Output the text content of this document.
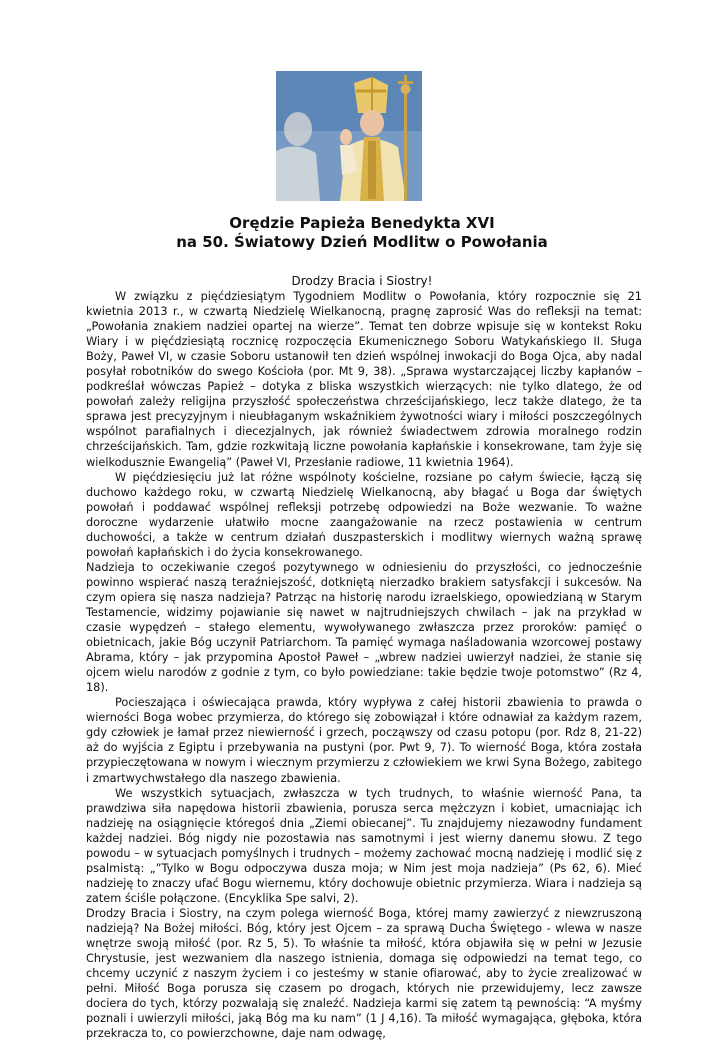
Orędzie Papieża Benedykta XVI
na 50. Światowy Dzień Modlitw o Powołania
Drodzy Bracia i Siostry!

W związku z pięćdziesiątym Tygodniem Modlitw o Powołania, który rozpocznie się 21 kwietnia 2013 r., w czwartą Niedzielę Wielkanocną, pragnę zaprosić Was do refleksji na temat: „Powołania znakiem nadziei opartej na wierze”. Temat ten dobrze wpisuje się w kontekst Roku Wiary i w pięćdziesiątą rocznicę rozpoczęcia Ekumenicznego Soboru Watykańskiego II. Sługa Boży, Paweł VI, w czasie Soboru ustanowił ten dzień wspólnej inwokacji do Boga Ojca, aby nadal posyłał robotników do swego Kościoła (por. Mt 9, 38). „Sprawa wystarczającej liczby kapłanów – podkreślał wówczas Papież – dotyka z bliska wszystkich wierzących: nie tylko dlatego, że od powołań zależy religijna przyszłość społeczeństwa chrześcijańskiego, lecz także dlatego, że ta sprawa jest precyzyjnym i nieubłaganym wskaźnikiem żywotności wiary i miłości poszczególnych wspólnot parafialnych i diecezjalnych, jak również świadectwem zdrowia moralnego rodzin chrześcijańskich. Tam, gdzie rozkwitają liczne powołania kapłańskie i konsekrowane, tam żyje się wielkodusznie Ewangelią” (Paweł VI, Przesłanie radiowe, 11 kwietnia 1964).

W pięćdziesięciu już lat różne wspólnoty kościelne, rozsiane po całym świecie, łączą się duchowo każdego roku, w czwartą Niedzielę Wielkanocną, aby błagać u Boga dar świętych powołań i poddawać wspólnej refleksji potrzebę odpowiedzi na Boże wezwanie. To ważne doroczne wydarzenie ułatwiło mocne zaangażowanie na rzecz postawienia w centrum duchowości, a także w centrum działań duszpasterskich i modlitwy wiernych ważną sprawę powołań kapłańskich i do życia konsekrowanego.

Nadzieja to oczekiwanie czegoś pozytywnego w odniesieniu do przyszłości, co jednocześnie powinno wspierać naszą teraźniejszość, dotkniętą nierzadko brakiem satysfakcji i sukcesów. Na czym opiera się nasza nadzieja? Patrząc na historię narodu izraelskiego, opowiedzianą w Starym Testamencie, widzimy pojawianie się nawet w najtrudniejszych chwilach – jak na przykład w czasie wypędzeń – stałego elementu, wywoływanego zwłaszcza przez proroków: pamięć o obietnicach, jakie Bóg uczynił Patriarchom. Ta pamięć wymaga naśladowania wzorcowej postawy Abrama, który – jak przypomina Apostoł Paweł – „wbrew nadziei uwierzył nadziei, że stanie się ojcem wielu narodów z godnie z tym, co było powiedziane: takie będzie twoje potomstwo” (Rz 4, 18).

Pocieszająca i oświecająca prawda, który wypływa z całej historii zbawienia to prawda o wierności Boga wobec przymierza, do którego się zobowiązał i które odnawiał za każdym razem, gdy człowiek je łamał przez niewierność i grzech, począwszy od czasu potopu (por. Rdz 8, 21-22) aż do wyjścia z Egiptu i przebywania na pustyni (por. Pwt 9, 7). To wierność Boga, która została przypieczętowana w nowym i wiecznym przymierzu z człowiekiem we krwi Syna Bożego, zabitego i zmartwychwstałego dla naszego zbawienia.

We wszystkich sytuacjach, zwłaszcza w tych trudnych, to właśnie wierność Pana, ta prawdziwa siła napędowa historii zbawienia, porusza serca mężczyzn i kobiet, umacniając ich nadzieję na osiągnięcie któregoś dnia „Ziemi obiecanej”. Tu znajdujemy niezawodny fundament każdej nadziei. Bóg nigdy nie pozostawia nas samotnymi i jest wierny danemu słowu. Z tego powodu – w sytuacjach pomyślnych i trudnych – możemy zachować mocną nadzieję i modlić się z psalmistą: „”Tylko w Bogu odpoczywa dusza moja; w Nim jest moja nadzieja” (Ps 62, 6). Mieć nadzieję to znaczy ufać Bogu wiernemu, który dochowuje obietnic przymierza. Wiara i nadzieja są zatem ściśle połączone. (Encyklika Spe salvi, 2).

Drodzy Bracia i Siostry, na czym polega wierność Boga, której mamy zawierzyć z niewzruszoną nadzieją? Na Bożej miłości. Bóg, który jest Ojcem – za sprawą Ducha Świętego - wlewa w nasze wnętrze swoją miłość (por. Rz 5, 5). To właśnie ta miłość, która objawiła się w pełni w Jezusie Chrystusie, jest wezwaniem dla naszego istnienia, domaga się odpowiedzi na temat tego, co chcemy uczynić z naszym życiem i co jesteśmy w stanie ofiarować, aby to życie zrealizować w pełni. Miłość Boga porusza się czasem po drogach, których nie przewidujemy, lecz zawsze dociera do tych, którzy pozwalają się znaleźć. Nadzieja karmi się zatem tą pewnością: “A myśmy poznali i uwierzyli miłości, jaką Bóg ma ku nam” (1 J 4,16). Ta miłość wymagająca, głęboka, która przekracza to, co powierzchowne, daje nam odwagę,
